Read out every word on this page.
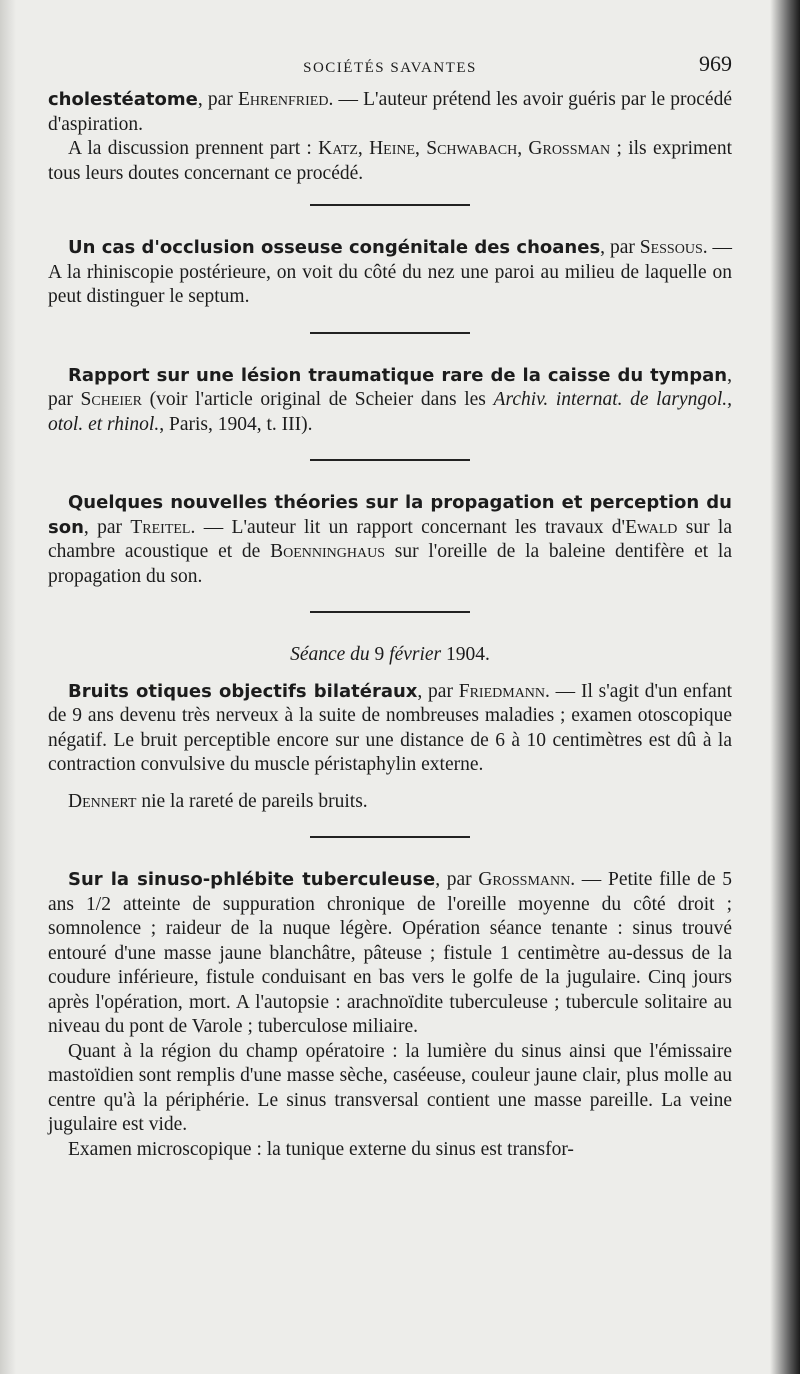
SOCIÉTÉS SAVANTES	969

cholestéatome, par Ehrenfried. — L'auteur prétend les avoir guéris par le procédé d'aspiration.

A la discussion prennent part : Katz, Heine, Schwabach, Grossman ; ils expriment tous leurs doutes concernant ce procédé.

Un cas d'occlusion osseuse congénitale des choanes, par Sessous. — A la rhiniscopie postérieure, on voit du côté du nez une paroi au milieu de laquelle on peut distinguer le septum.

Rapport sur une lésion traumatique rare de la caisse du tympan, par Scheier (voir l'article original de Scheier dans les Archiv. internat. de laryngol., otol. et rhinol., Paris, 1904, t. III).

Quelques nouvelles théories sur la propagation et perception du son, par Treitel. — L'auteur lit un rapport concernant les travaux d'Ewald sur la chambre acoustique et de Boenninghaus sur l'oreille de la baleine dentifère et la propagation du son.

Séance du 9 février 1904.

Bruits otiques objectifs bilatéraux, par Friedmann. — Il s'agit d'un enfant de 9 ans devenu très nerveux à la suite de nombreuses maladies ; examen otoscopique négatif. Le bruit perceptible encore sur une distance de 6 à 10 centimètres est dû à la contraction convulsive du muscle péristaphylin externe.

Dennert nie la rareté de pareils bruits.

Sur la sinuso-phlébite tuberculeuse, par Grossmann. — Petite fille de 5 ans 1/2 atteinte de suppuration chronique de l'oreille moyenne du côté droit ; somnolence ; raideur de la nuque légère. Opération séance tenante : sinus trouvé entouré d'une masse jaune blanchâtre, pâteuse ; fistule 1 centimètre au-dessus de la coudure inférieure, fistule conduisant en bas vers le golfe de la jugulaire. Cinq jours après l'opération, mort. A l'autopsie : arachnoïdite tuberculeuse ; tubercule solitaire au niveau du pont de Varole ; tuberculose miliaire.

Quant à la région du champ opératoire : la lumière du sinus ainsi que l'émissaire mastoïdien sont remplis d'une masse sèche, caséeuse, couleur jaune clair, plus molle au centre qu'à la périphérie. Le sinus transversal contient une masse pareille. La veine jugulaire est vide.

Examen microscopique : la tunique externe du sinus est transfor-
